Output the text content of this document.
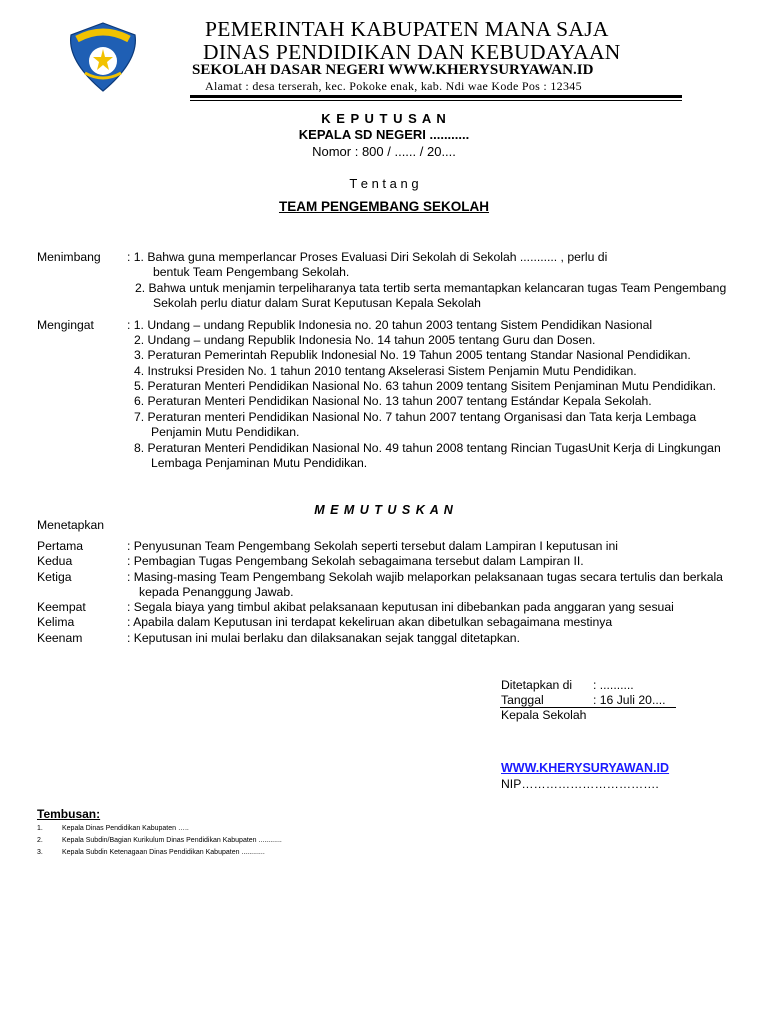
PEMERINTAH KABUPATEN MANA SAJA
DINAS PENDIDIKAN DAN KEBUDAYAAN
SEKOLAH DASAR NEGERI WWW.KHERYSURYAWAN.ID
Alamat : desa terserah, kec. Pokoke enak, kab. Ndi wae Kode Pos : 12345
K E P U T U S A N
KEPALA SD NEGERI ...........
Nomor : 800 / ...... / 20....
T e n t a n g
TEAM PENGEMBANG SEKOLAH
Menimbang : 1. Bahwa guna memperlancar Proses Evaluasi Diri Sekolah di Sekolah ........... , perlu di
bentuk Team Pengembang Sekolah.
2. Bahwa untuk menjamin terpeliharanya tata tertib serta memantapkan kelancaran tugas Team Pengembang
Sekolah perlu diatur dalam Surat Keputusan Kepala Sekolah
Mengingat	: 1. Undang – undang Republik Indonesia no. 20 tahun 2003 tentang Sistem Pendidikan Nasional
2. Undang – undang Republik Indonesia No. 14 tahun 2005 tentang Guru dan Dosen.
3. Peraturan Pemerintah Republik Indonesial No. 19 Tahun 2005 tentang Standar Nasional Pendidikan.
4. Instruksi Presiden No. 1 tahun 2010 tentang Akselerasi Sistem Penjamin Mutu Pendidikan.
5. Peraturan Menteri Pendidikan Nasional No. 63 tahun 2009 tentang Sisitem Penjaminan Mutu Pendidikan.
6. Peraturan Menteri Pendidikan Nasional No. 13 tahun 2007 tentang Estándar Kepala Sekolah.
7. Peraturan menteri Pendidikan Nasional No. 7 tahun 2007 tentang Organisasi dan Tata kerja Lembaga
Penjamin Mutu Pendidikan.
8. Peraturan Menteri Pendidikan Nasional No. 49 tahun 2008 tentang Rincian TugasUnit Kerja di Lingkungan
Lembaga Penjaminan Mutu Pendidikan.
M E M U T U S K A N
Menetapkan
Pertama	: Penyusunan Team Pengembang Sekolah seperti tersebut dalam Lampiran I keputusan ini
Kedua	: Pembagian Tugas Pengembang Sekolah sebagaimana tersebut dalam Lampiran II.
Ketiga	: Masing-masing Team Pengembang Sekolah wajib melaporkan pelaksanaan tugas secara tertulis dan berkala
kepada Penanggung Jawab.
Keempat	: Segala biaya yang timbul akibat pelaksanaan keputusan ini dibebankan pada anggaran yang sesuai
Kelima	: Apabila dalam Keputusan ini terdapat kekeliruan akan dibetulkan sebagaimana mestinya
Keenam	: Keputusan ini mulai berlaku dan dilaksanakan sejak tanggal ditetapkan.
Ditetapkan di : ..........
Tanggal	: 16 Juli 20....
Kepala Sekolah
WWW.KHERYSURYAWAN.ID
NIP…………………………….
Tembusan:
1.	Kepala Dinas Pendidikan Kabupaten …..
2.	Kepala Subdin/Bagian Kurikulum Dinas Pendidikan Kabupaten ............
3.	Kepala Subdin Ketenagaan Dinas Pendidikan Kabupaten ............
